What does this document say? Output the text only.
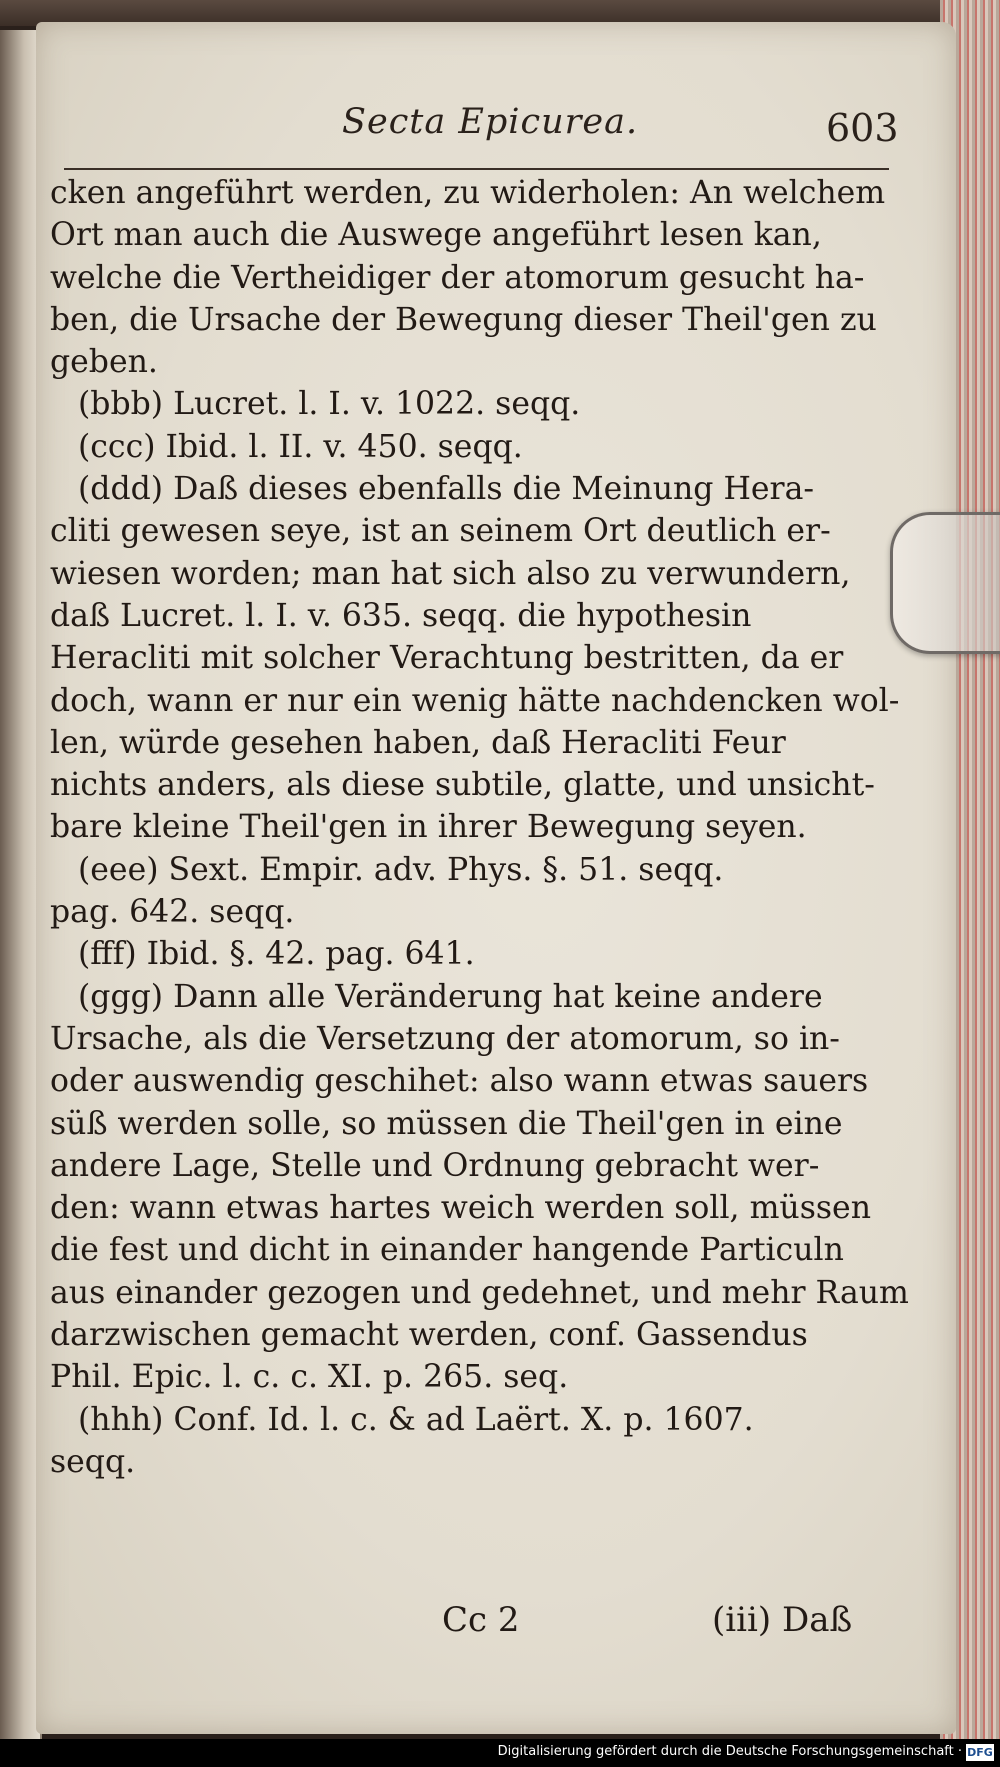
Secta Epicurea.	603
cken angeführt werden, zu widerholen: An welchem
Ort man auch die Auswege angeführt lesen kan,
welche die Vertheidiger der atomorum gesucht ha-
ben, die Ursache der Bewegung dieser Theil'gen zu
geben.
(bbb) Lucret. l. I. v. 1022. seqq.
(ccc) Ibid. l. II. v. 450. seqq.
(ddd) Daß dieses ebenfalls die Meinung Hera-
cliti gewesen seye, ist an seinem Ort deutlich er-
wiesen worden; man hat sich also zu verwundern,
daß Lucret. l. I. v. 635. seqq. die hypothesin
Heracliti mit solcher Verachtung bestritten, da er
doch, wann er nur ein wenig hätte nachdencken wol-
len, würde gesehen haben, daß Heracliti Feur
nichts anders, als diese subtile, glatte, und unsicht-
bare kleine Theil'gen in ihrer Bewegung seyen.
(eee) Sext. Empir. adv. Phys. §. 51. seqq.
pag. 642. seqq.
(fff) Ibid. §. 42. pag. 641.
(ggg) Dann alle Veränderung hat keine andere
Ursache, als die Versetzung der atomorum, so in-
oder auswendig geschihet: also wann etwas sauers
süß werden solle, so müssen die Theil'gen in eine
andere Lage, Stelle und Ordnung gebracht wer-
den: wann etwas hartes weich werden soll, müssen
die fest und dicht in einander hangende Particuln
aus einander gezogen und gedehnet, und mehr Raum
darzwischen gemacht werden, conf. Gassendus
Phil. Epic. l. c. c. XI. p. 265. seq.
(hhh) Conf. Id. l. c. & ad Laërt. X. p. 1607.
seqq.
Cc 2	(iii) Daß
Digitalisierung gefördert durch die Deutsche Forschungsgemeinschaft · DFG
